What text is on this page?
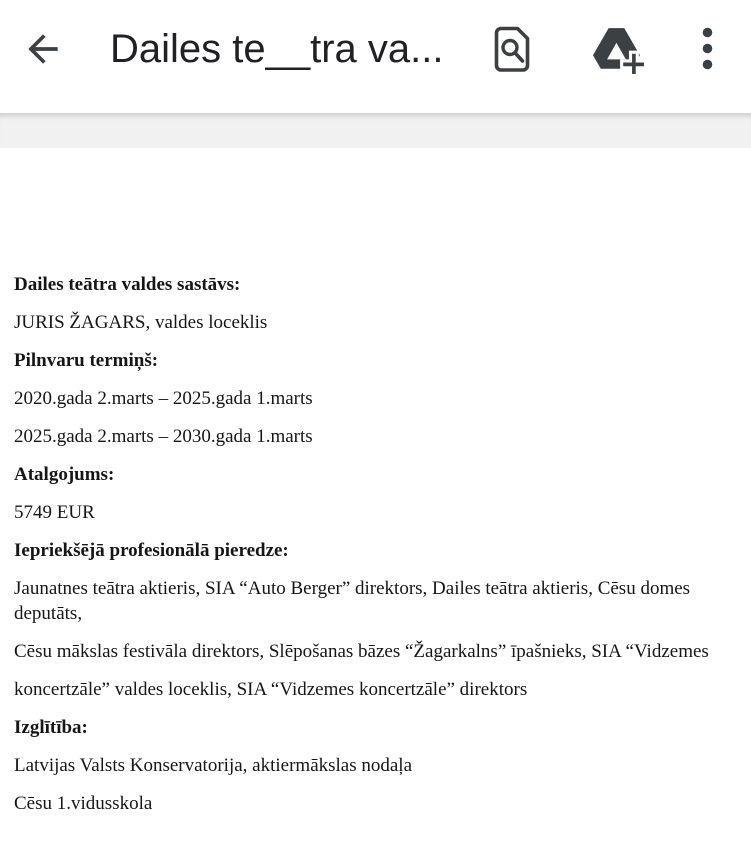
Dailes te__tra va...
Dailes teātra valdes sastāvs:
JURIS ŽAGARS, valdes loceklis
Pilnvaru termiņš:
2020.gada 2.marts – 2025.gada 1.marts
2025.gada 2.marts – 2030.gada 1.marts
Atalgojums:
5749 EUR
Iepriekšējā profesionālā pieredze:
Jaunatnes teātra aktieris, SIA “Auto Berger” direktors, Dailes teātra aktieris, Cēsu domes
deputāts,
Cēsu mākslas festivāla direktors, Slēpošanas bāzes “Žagarkalns” īpašnieks, SIA “Vidzemes
koncertzāle” valdes loceklis, SIA “Vidzemes koncertzāle” direktors
Izglītība:
Latvijas Valsts Konservatorija, aktiermākslas nodaļa
Cēsu 1.vidusskola
